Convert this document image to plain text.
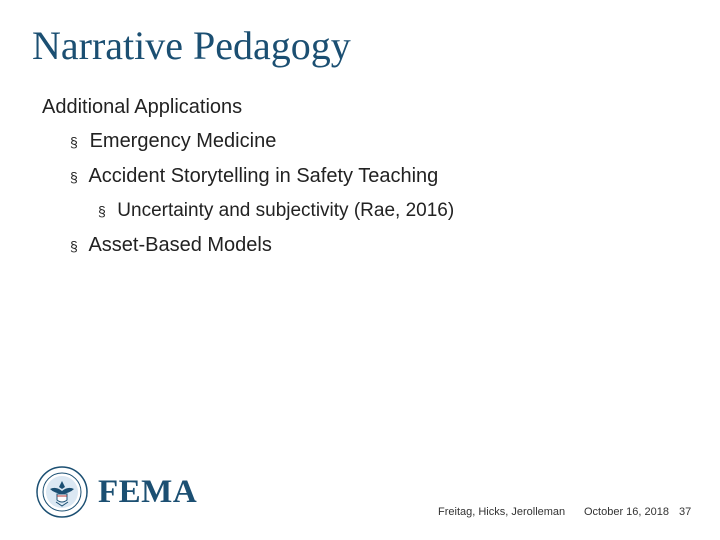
Narrative Pedagogy

Additional Applications

§ Emergency Medicine

§ Accident Storytelling in Safety Teaching

§ Uncertainty and subjectivity (Rae, 2016)

§ Asset-Based Models

FEMA
Freitag, Hicks, Jerolleman October 16, 2018 37
